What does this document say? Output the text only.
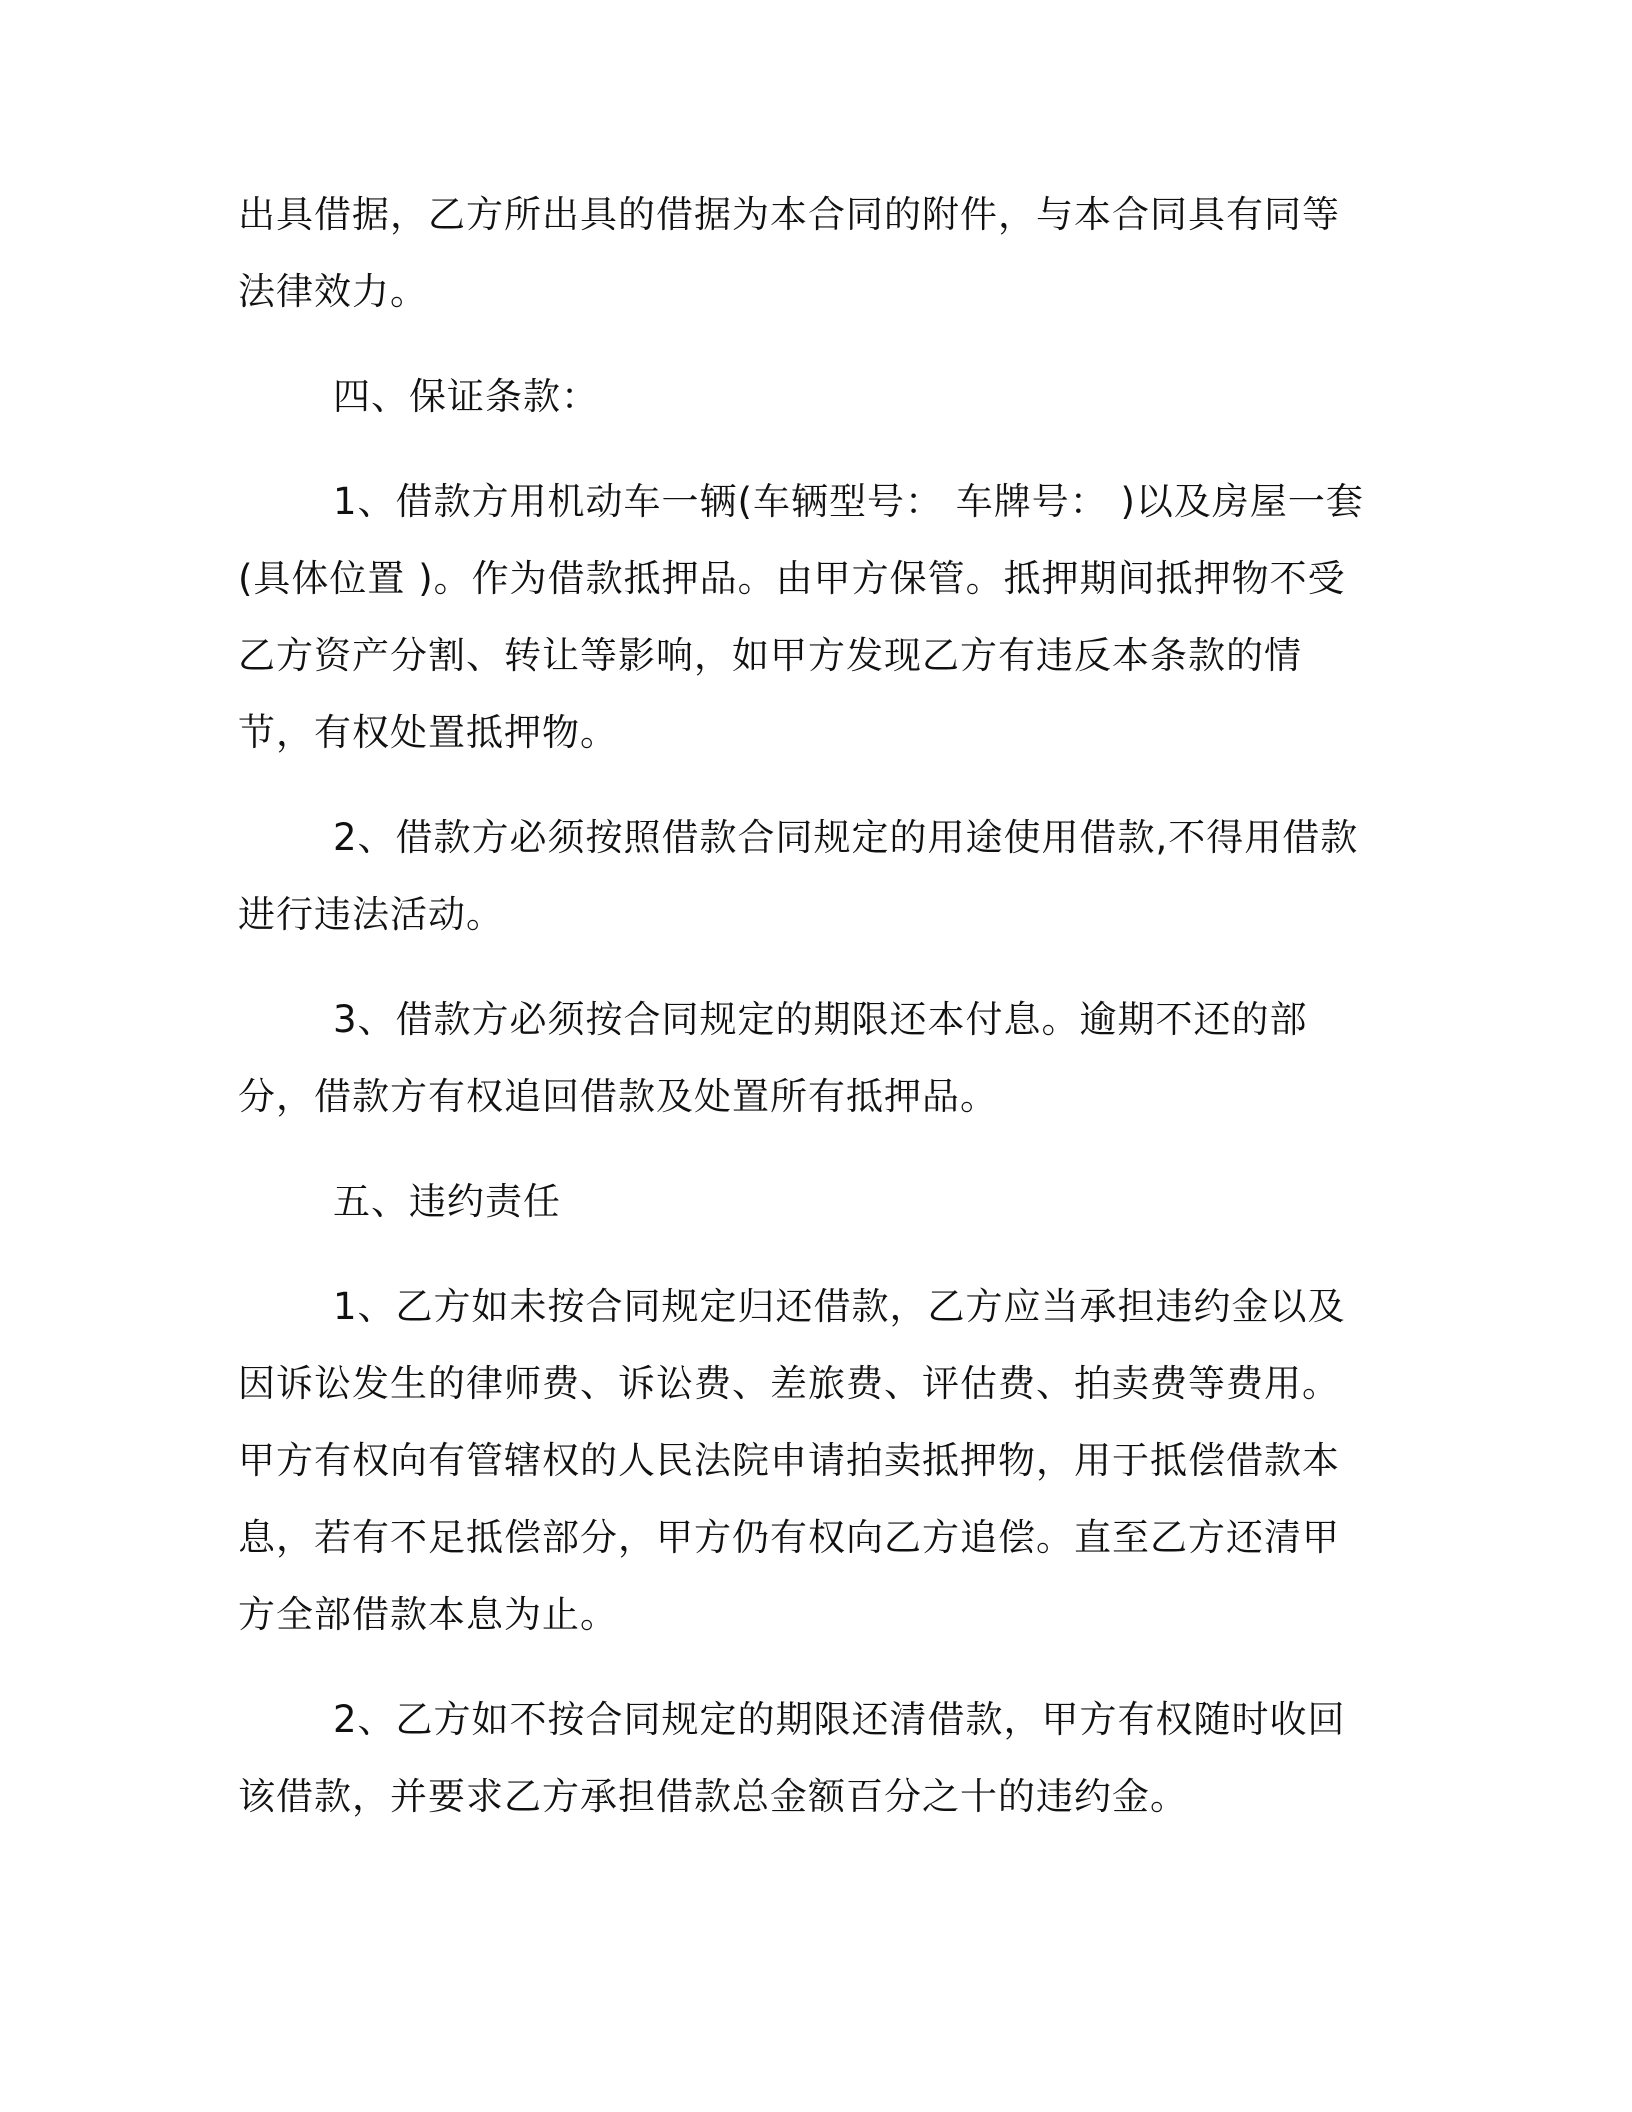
出具借据，乙方所出具的借据为本合同的附件，与本合同具有同等法律效力。

四、保证条款：

1、借款方用机动车一辆(车辆型号： 车牌号： )以及房屋一套(具体位置 )。作为借款抵押品。由甲方保管。抵押期间抵押物不受乙方资产分割、转让等影响，如甲方发现乙方有违反本条款的情节，有权处置抵押物。

2、借款方必须按照借款合同规定的用途使用借款,不得用借款进行违法活动。

3、借款方必须按合同规定的期限还本付息。逾期不还的部分，借款方有权追回借款及处置所有抵押品。

五、违约责任

1、乙方如未按合同规定归还借款，乙方应当承担违约金以及因诉讼发生的律师费、诉讼费、差旅费、评估费、拍卖费等费用。甲方有权向有管辖权的人民法院申请拍卖抵押物，用于抵偿借款本息，若有不足抵偿部分，甲方仍有权向乙方追偿。直至乙方还清甲方全部借款本息为止。

2、乙方如不按合同规定的期限还清借款，甲方有权随时收回该借款，并要求乙方承担借款总金额百分之十的违约金。
